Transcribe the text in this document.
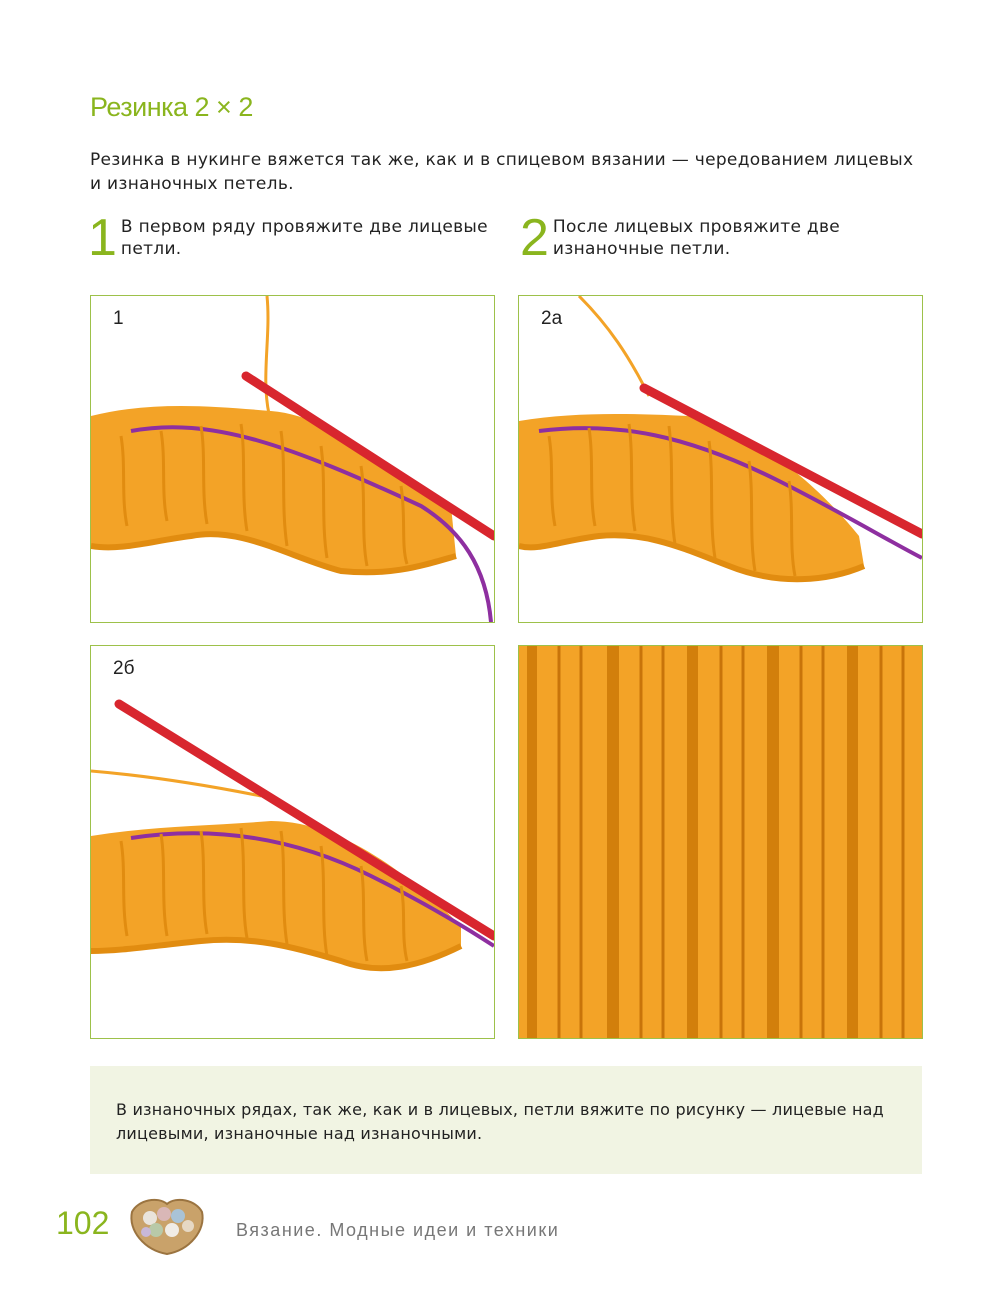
Резинка 2 × 2
Резинка в нукинге вяжется так же, как и в спицевом вязании — чередованием лицевых и изнаночных петель.
1 В первом ряду провяжите две лицевые петли.	2 После лицевых провяжите две изнаночные петли.
1	2а
2б
В изнаночных рядах, так же, как и в лицевых, петли вяжите по рисунку — лицевые над лицевыми, изнаночные над изнаночными.
102	Вязание. Модные идеи и техники
